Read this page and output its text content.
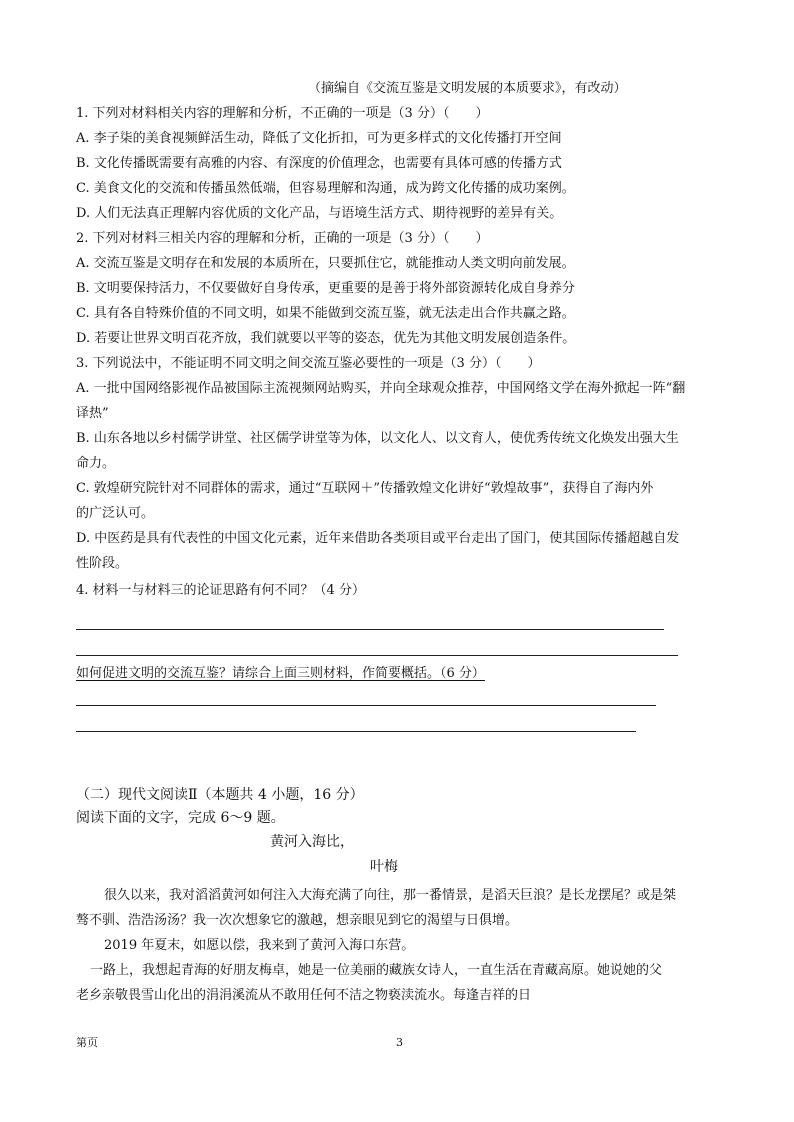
（摘编自《交流互鉴是文明发展的本质要求》，有改动）
1. 下列对材料相关内容的理解和分析，不正确的一项是（3 分）（　　）
A. 李子柒的美食视频鲜活生动，降低了文化折扣，可为更多样式的文化传播打开空间
B. 文化传播既需要有高雅的内容、有深度的价值理念，也需要有具体可感的传播方式
C. 美食文化的交流和传播虽然低端，但容易理解和沟通，成为跨文化传播的成功案例。
D. 人们无法真正理解内容优质的文化产品，与语境生活方式、期待视野的差异有关。
2. 下列对材料三相关内容的理解和分析，正确的一项是（3 分）（　　）
A. 交流互鉴是文明存在和发展的本质所在，只要抓住它，就能推动人类文明向前发展。
B. 文明要保持活力，不仅要做好自身传承，更重要的是善于将外部资源转化成自身养分
C. 具有各自特殊价值的不同文明，如果不能做到交流互鉴，就无法走出合作共赢之路。
D. 若要让世界文明百花齐放，我们就要以平等的姿态，优先为其他文明发展创造条件。
3. 下列说法中，不能证明不同文明之间交流互鉴必要性的一项是（3 分）（　　）
A. 一批中国网络影视作品被国际主流视频网站购买，并向全球观众推荐，中国网络文学在海外掀起一阵“翻
译热”
B. 山东各地以乡村儒学讲堂、社区儒学讲堂等为体，以文化人、以文育人，使优秀传统文化焕发出强大生
命力。
C. 敦煌研究院针对不同群体的需求，通过“互联网＋”传播敦煌文化讲好“敦煌故事”，获得自了海内外
的广泛认可。
D. 中医药是具有代表性的中国文化元素，近年来借助各类项目或平台走出了国门，使其国际传播超越自发
性阶段。
4. 材料一与材料三的论证思路有何不同？（4 分）
如何促进文明的交流互鉴？请综合上面三则材料，作简要概括。（6 分）
（二）现代文阅读Ⅱ（本题共 4 小题，16 分）
阅读下面的文字，完成 6～9 题。
黄河入海比，
叶梅
很久以来，我对滔滔黄河如何注入大海充满了向往，那一番情景，是滔天巨浪？是长龙摆尾？或是桀
骜不驯、浩浩汤汤？我一次次想象它的激越，想亲眼见到它的渴望与日俱增。
2019 年夏末，如愿以偿，我来到了黄河入海口东营。
一路上，我想起青海的好朋友梅卓，她是一位美丽的藏族女诗人，一直生活在青藏高原。她说她的父
老乡亲敬畏雪山化出的涓涓溪流从不敢用任何不洁之物亵渎流水。每逢吉祥的日
第页	3
